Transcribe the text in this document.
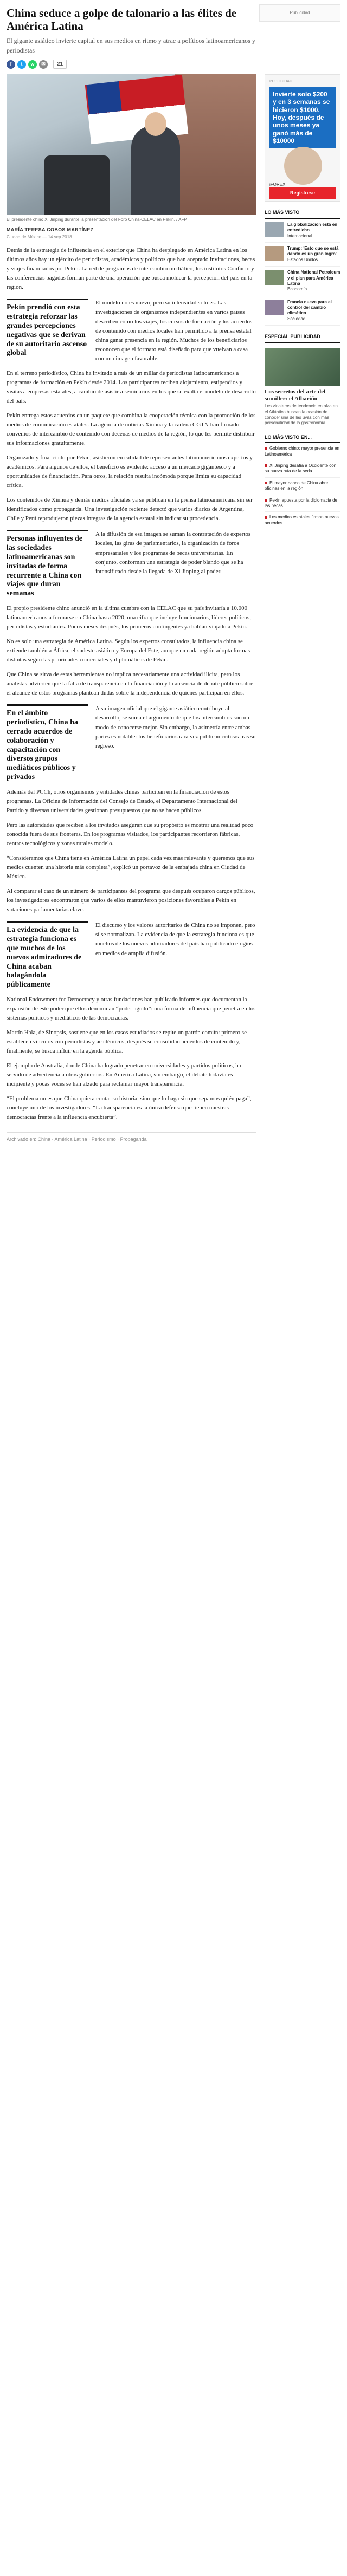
Publicidad
China seduce a golpe de talonario a las élites de América Latina
El gigante asiático invierte capital en sus medios en ritmo y atrae a políticos latinoamericanos y periodistas
f	t	w	✉	21
El presidente chino Xi Jinping durante la presentación del Foro China-CELAC en Pekín. / AFP
MARÍA TERESA COBOS MARTÍNEZ
Ciudad de México — 14 sep 2018

Detrás de la estrategia de influencia en el exterior que China ha desplegado en América Latina en los últimos años hay un ejército de periodistas, académicos y políticos que han aceptado invitaciones, becas y viajes financiados por Pekín. La red de programas de intercambio mediático, los institutos Confucio y las conferencias pagadas forman parte de una operación que busca moldear la percepción del país en la región.

Pekín prendió con esta estrategia reforzar las grandes percepciones negativas que se derivan de su autoritario ascenso global

El modelo no es nuevo, pero su intensidad sí lo es. Las investigaciones de organismos independientes en varios países describen cómo los viajes, los cursos de formación y los acuerdos de contenido con medios locales han permitido a la prensa estatal china ganar presencia en la región. Muchos de los beneficiarios reconocen que el formato está diseñado para que vuelvan a casa con una imagen favorable.

En el terreno periodístico, China ha invitado a más de un millar de periodistas latinoamericanos a programas de formación en Pekín desde 2014. Los participantes reciben alojamiento, estipendios y visitas a empresas estatales, a cambio de asistir a seminarios en los que se exalta el modelo de desarrollo del país.

Pekín entrega estos acuerdos en un paquete que combina la cooperación técnica con la promoción de los medios de comunicación estatales. La agencia de noticias Xinhua y la cadena CGTN han firmado convenios de intercambio de contenido con decenas de medios de la región, lo que les permite distribuir sus informaciones gratuitamente.

Organizado y financiado por Pekín, asistieron en calidad de representantes latinoamericanos expertos y académicos. Para algunos de ellos, el beneficio es evidente: acceso a un mercado gigantesco y a oportunidades de financiación. Para otros, la relación resulta incómoda porque limita su capacidad crítica.

Los contenidos de Xinhua y demás medios oficiales ya se publican en la prensa latinoamericana sin ser identificados como propaganda. Una investigación reciente detectó que varios diarios de Argentina, Chile y Perú reprodujeron piezas íntegras de la agencia estatal sin indicar su procedencia.

Personas influyentes de las sociedades latinoamericanas son invitadas de forma recurrente a China con viajes que duran semanas

A la difusión de esa imagen se suman la contratación de expertos locales, las giras de parlamentarios, la organización de foros empresariales y los programas de becas universitarias. En conjunto, conforman una estrategia de poder blando que se ha intensificado desde la llegada de Xi Jinping al poder.

El propio presidente chino anunció en la última cumbre con la CELAC que su país invitaría a 10.000 latinoamericanos a formarse en China hasta 2020, una cifra que incluye funcionarios, líderes políticos, periodistas y estudiantes. Pocos meses después, los primeros contingentes ya habían viajado a Pekín.

No es solo una estrategia de América Latina. Según los expertos consultados, la influencia china se extiende también a África, el sudeste asiático y Europa del Este, aunque en cada región adopta formas distintas según las prioridades comerciales y diplomáticas de Pekín.

Que China se sirva de estas herramientas no implica necesariamente una actividad ilícita, pero los analistas advierten que la falta de transparencia en la financiación y la ausencia de debate público sobre el alcance de estos programas plantean dudas sobre la independencia de quienes participan en ellos.

En el ámbito periodístico, China ha cerrado acuerdos de colaboración y capacitación con diversos grupos mediáticos públicos y privados

A su imagen oficial que el gigante asiático contribuye al desarrollo, se suma el argumento de que los intercambios son un modo de conocerse mejor. Sin embargo, la asimetría entre ambas partes es notable: los beneficiarios rara vez publican críticas tras su regreso.

Además del PCCh, otros organismos y entidades chinas participan en la financiación de estos programas. La Oficina de Información del Consejo de Estado, el Departamento Internacional del Partido y diversas universidades gestionan presupuestos que no se hacen públicos.

Pero las autoridades que reciben a los invitados aseguran que su propósito es mostrar una realidad poco conocida fuera de sus fronteras. En los programas visitados, los participantes recorrieron fábricas, centros tecnológicos y zonas rurales modelo.

“Consideramos que China tiene en América Latina un papel cada vez más relevante y queremos que sus medios cuenten una historia más completa”, explicó un portavoz de la embajada china en Ciudad de México.

Al comparar el caso de un número de participantes del programa que después ocuparon cargos públicos, los investigadores encontraron que varios de ellos mantuvieron posiciones favorables a Pekín en votaciones parlamentarias clave.

La evidencia de que la estrategia funciona es que muchos de los nuevos admiradores de China acaban halagándola públicamente

El discurso y los valores autoritarios de China no se imponen, pero sí se normalizan. La evidencia de que la estrategia funciona es que muchos de los nuevos admiradores del país han publicado elogios en medios de amplia difusión.

National Endowment for Democracy y otras fundaciones han publicado informes que documentan la expansión de este poder que ellos denominan “poder agudo”: una forma de influencia que penetra en los sistemas políticos y mediáticos de las democracias.

Martín Hala, de Sinopsis, sostiene que en los casos estudiados se repite un patrón común: primero se establecen vínculos con periodistas y académicos, después se consolidan acuerdos de contenido y, finalmente, se busca influir en la agenda pública.

El ejemplo de Australia, donde China ha logrado penetrar en universidades y partidos políticos, ha servido de advertencia a otros gobiernos. En América Latina, sin embargo, el debate todavía es incipiente y pocas voces se han alzado para reclamar mayor transparencia.

“El problema no es que China quiera contar su historia, sino que lo haga sin que sepamos quién paga”, concluye uno de los investigadores. “La transparencia es la única defensa que tienen nuestras democracias frente a la influencia encubierta”.

Archivado en: China · América Latina · Periodismo · Propaganda
PUBLICIDAD
Invierte solo $200 y en 3 semanas se hicieron $1000. Hoy, después de unos meses ya ganó más de $10000
iFOREX
Regístrese
LO MÁS VISTO
La globalización está en entredicho
Internacional
Trump: 'Esto que se está dando es un gran logro'
Estados Unidos
China National Petroleum y el plan para América Latina
Economía
Francia nueva para el control del cambio climático
Sociedad
ESPECIAL PUBLICIDAD
Los secretos del arte del sumiller: el Albariño
Los vinateros de tendencia en alza en el Atlántico buscan la ocasión de conocer una de las uvas con más personalidad de la gastronomía.
LO MÁS VISTO EN...
Gobierno chino: mayor presencia en Latinoamérica
Xi Jinping desafía a Occidente con su nueva ruta de la seda
El mayor banco de China abre oficinas en la región
Pekín apuesta por la diplomacia de las becas
Los medios estatales firman nuevos acuerdos
